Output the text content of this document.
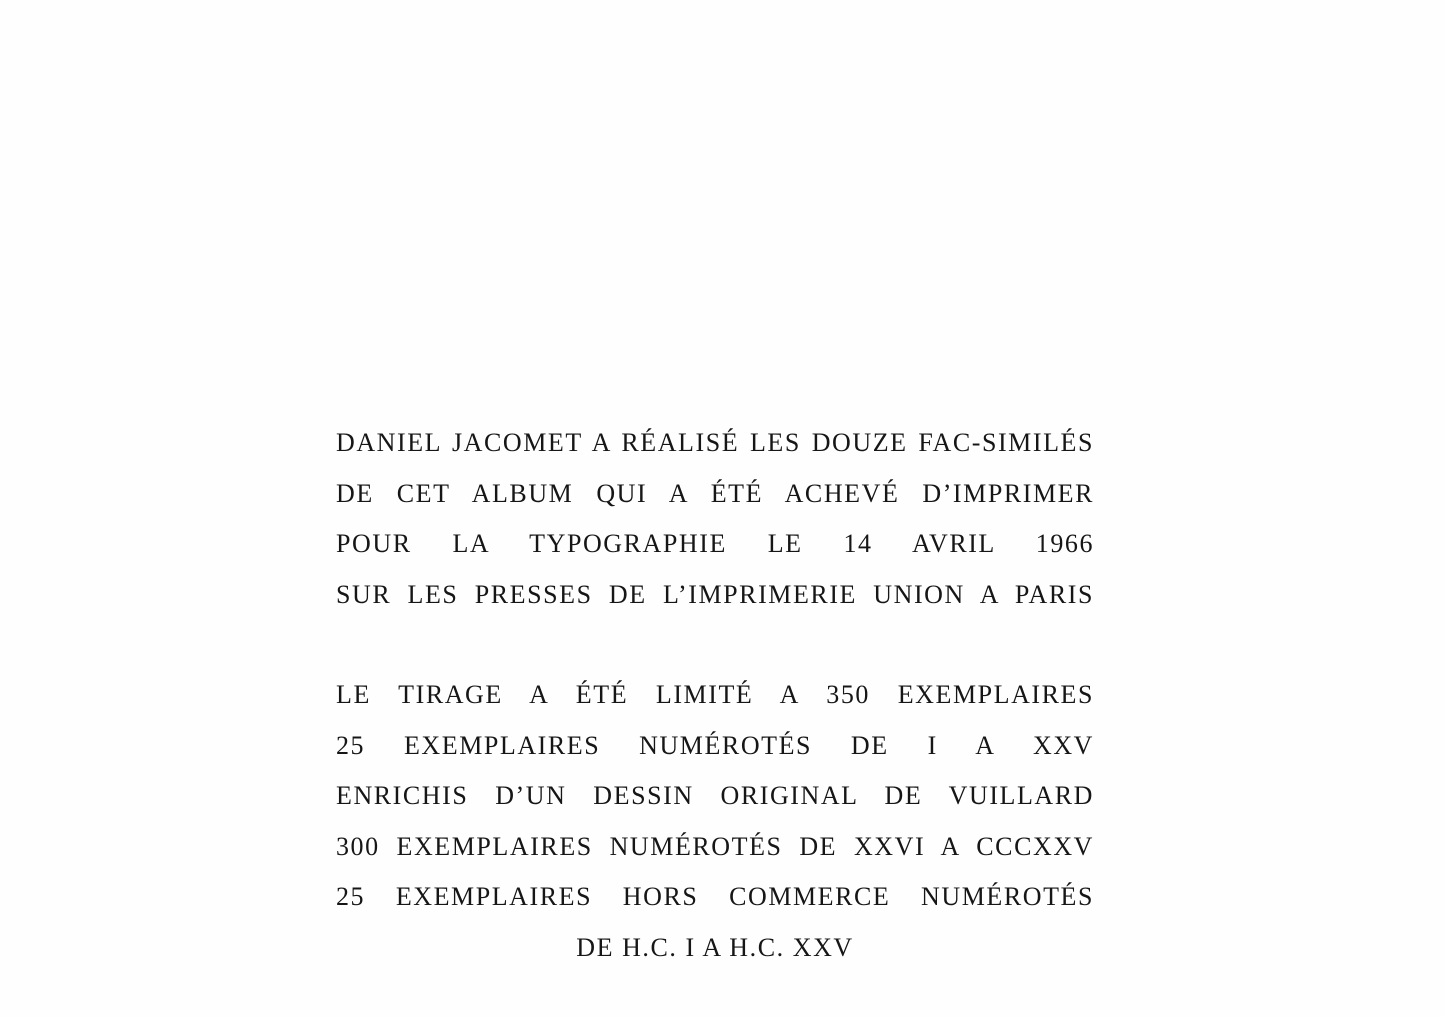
DANIEL JACOMET A RÉALISÉ LES DOUZE FAC-SIMILÉS
DE CET ALBUM QUI A ÉTÉ ACHEVÉ D’IMPRIMER
POUR LA TYPOGRAPHIE LE 14 AVRIL 1966
SUR LES PRESSES DE L’IMPRIMERIE UNION A PARIS
LE TIRAGE A ÉTÉ LIMITÉ A 350 EXEMPLAIRES
25 EXEMPLAIRES NUMÉROTÉS DE I A XXV
ENRICHIS D’UN DESSIN ORIGINAL DE VUILLARD
300 EXEMPLAIRES NUMÉROTÉS DE XXVI A CCCXXV
25 EXEMPLAIRES HORS COMMERCE NUMÉROTÉS
DE H.C. I A H.C. XXV
